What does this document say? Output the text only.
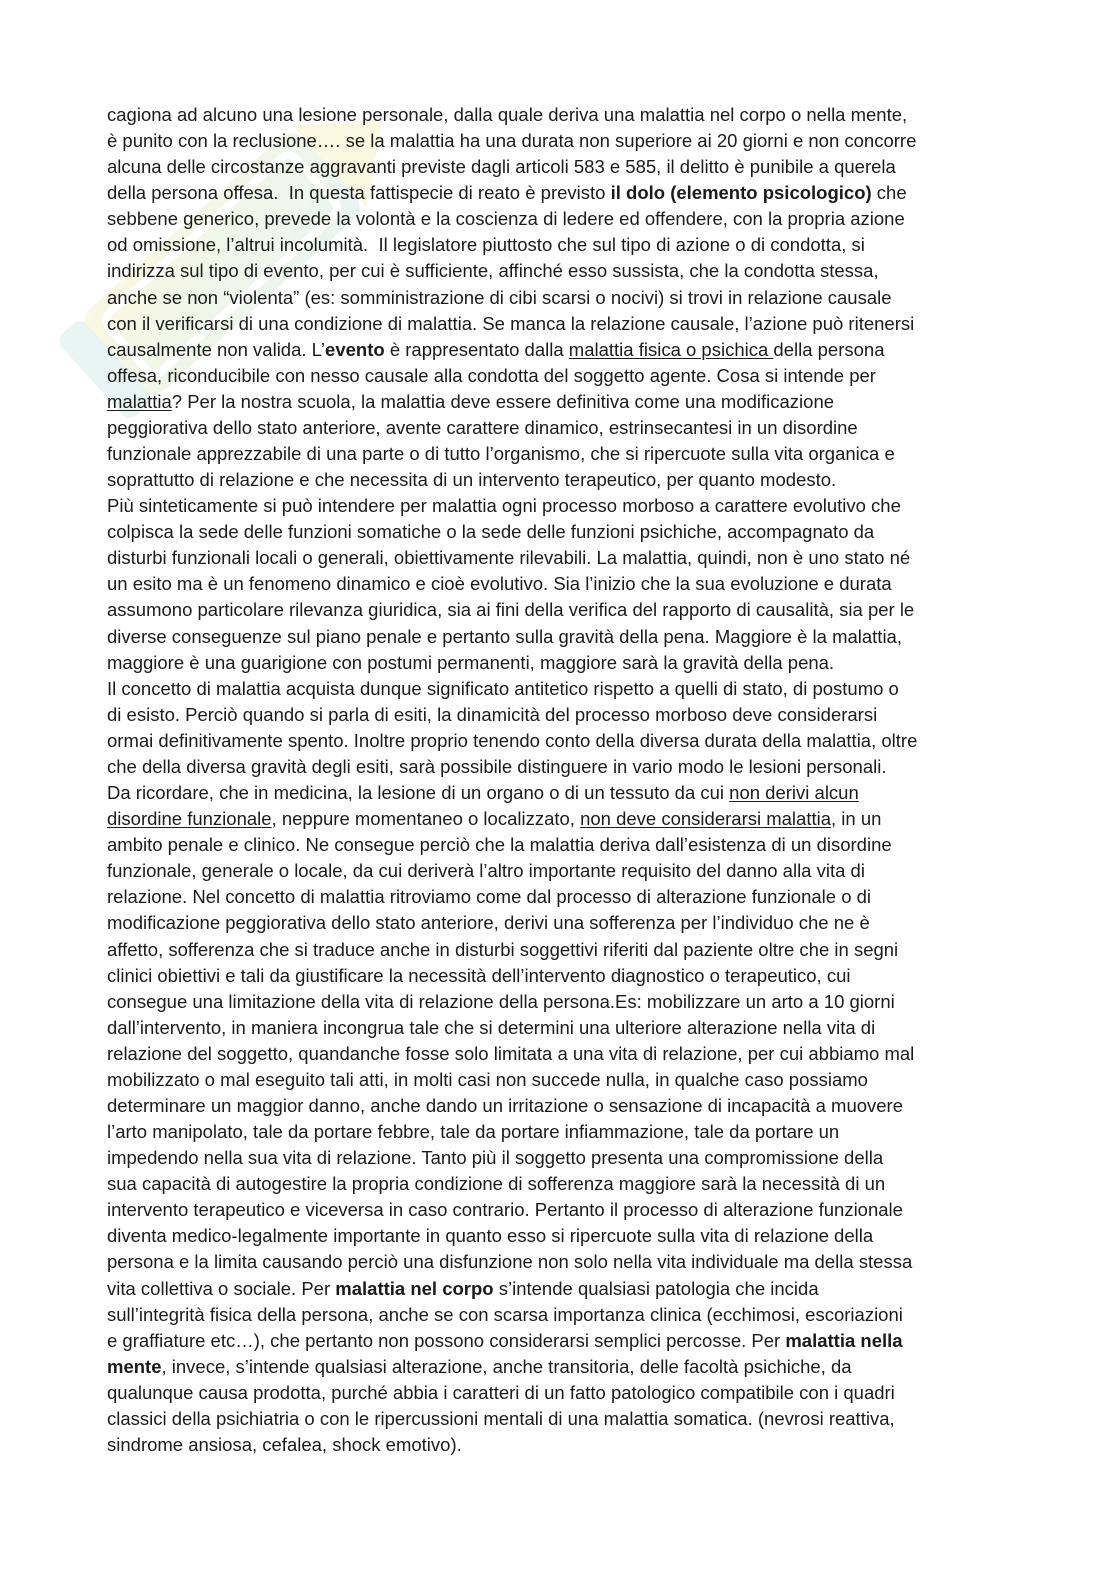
cagiona ad alcuno una lesione personale, dalla quale deriva una malattia nel corpo o nella mente,
è punito con la reclusione…. se la malattia ha una durata non superiore ai 20 giorni e non concorre
alcuna delle circostanze aggravanti previste dagli articoli 583 e 585, il delitto è punibile a querela
della persona offesa.  In questa fattispecie di reato è previsto il dolo (elemento psicologico) che
sebbene generico, prevede la volontà e la coscienza di ledere ed offendere, con la propria azione
od omissione, l’altrui incolumità.  Il legislatore piuttosto che sul tipo di azione o di condotta, si
indirizza sul tipo di evento, per cui è sufficiente, affinché esso sussista, che la condotta stessa,
anche se non “violenta” (es: somministrazione di cibi scarsi o nocivi) si trovi in relazione causale
con il verificarsi di una condizione di malattia. Se manca la relazione causale, l’azione può ritenersi
causalmente non valida. L’evento è rappresentato dalla malattia fisica o psichica della persona
offesa, riconducibile con nesso causale alla condotta del soggetto agente. Cosa si intende per
malattia? Per la nostra scuola, la malattia deve essere definitiva come una modificazione
peggiorativa dello stato anteriore, avente carattere dinamico, estrinsecantesi in un disordine
funzionale apprezzabile di una parte o di tutto l’organismo, che si ripercuote sulla vita organica e
soprattutto di relazione e che necessita di un intervento terapeutico, per quanto modesto.
Più sinteticamente si può intendere per malattia ogni processo morboso a carattere evolutivo che
colpisca la sede delle funzioni somatiche o la sede delle funzioni psichiche, accompagnato da
disturbi funzionali locali o generali, obiettivamente rilevabili. La malattia, quindi, non è uno stato né
un esito ma è un fenomeno dinamico e cioè evolutivo. Sia l’inizio che la sua evoluzione e durata
assumono particolare rilevanza giuridica, sia ai fini della verifica del rapporto di causalità, sia per le
diverse conseguenze sul piano penale e pertanto sulla gravità della pena. Maggiore è la malattia,
maggiore è una guarigione con postumi permanenti, maggiore sarà la gravità della pena.
Il concetto di malattia acquista dunque significato antitetico rispetto a quelli di stato, di postumo o
di esisto. Perciò quando si parla di esiti, la dinamicità del processo morboso deve considerarsi
ormai definitivamente spento. Inoltre proprio tenendo conto della diversa durata della malattia, oltre
che della diversa gravità degli esiti, sarà possibile distinguere in vario modo le lesioni personali.
Da ricordare, che in medicina, la lesione di un organo o di un tessuto da cui non derivi alcun
disordine funzionale, neppure momentaneo o localizzato, non deve considerarsi malattia, in un
ambito penale e clinico. Ne consegue perciò che la malattia deriva dall’esistenza di un disordine
funzionale, generale o locale, da cui deriverà l’altro importante requisito del danno alla vita di
relazione. Nel concetto di malattia ritroviamo come dal processo di alterazione funzionale o di
modificazione peggiorativa dello stato anteriore, derivi una sofferenza per l’individuo che ne è
affetto, sofferenza che si traduce anche in disturbi soggettivi riferiti dal paziente oltre che in segni
clinici obiettivi e tali da giustificare la necessità dell’intervento diagnostico o terapeutico, cui
consegue una limitazione della vita di relazione della persona.Es: mobilizzare un arto a 10 giorni
dall’intervento, in maniera incongrua tale che si determini una ulteriore alterazione nella vita di
relazione del soggetto, quandanche fosse solo limitata a una vita di relazione, per cui abbiamo mal
mobilizzato o mal eseguito tali atti, in molti casi non succede nulla, in qualche caso possiamo
determinare un maggior danno, anche dando un irritazione o sensazione di incapacità a muovere
l’arto manipolato, tale da portare febbre, tale da portare infiammazione, tale da portare un
impedendo nella sua vita di relazione. Tanto più il soggetto presenta una compromissione della
sua capacità di autogestire la propria condizione di sofferenza maggiore sarà la necessità di un
intervento terapeutico e viceversa in caso contrario. Pertanto il processo di alterazione funzionale
diventa medico-legalmente importante in quanto esso si ripercuote sulla vita di relazione della
persona e la limita causando perciò una disfunzione non solo nella vita individuale ma della stessa
vita collettiva o sociale. Per malattia nel corpo s’intende qualsiasi patologia che incida
sull’integrità fisica della persona, anche se con scarsa importanza clinica (ecchimosi, escoriazioni
e graffiature etc…), che pertanto non possono considerarsi semplici percosse. Per malattia nella
mente, invece, s’intende qualsiasi alterazione, anche transitoria, delle facoltà psichiche, da
qualunque causa prodotta, purché abbia i caratteri di un fatto patologico compatibile con i quadri
classici della psichiatria o con le ripercussioni mentali di una malattia somatica. (nevrosi reattiva,
sindrome ansiosa, cefalea, shock emotivo).
